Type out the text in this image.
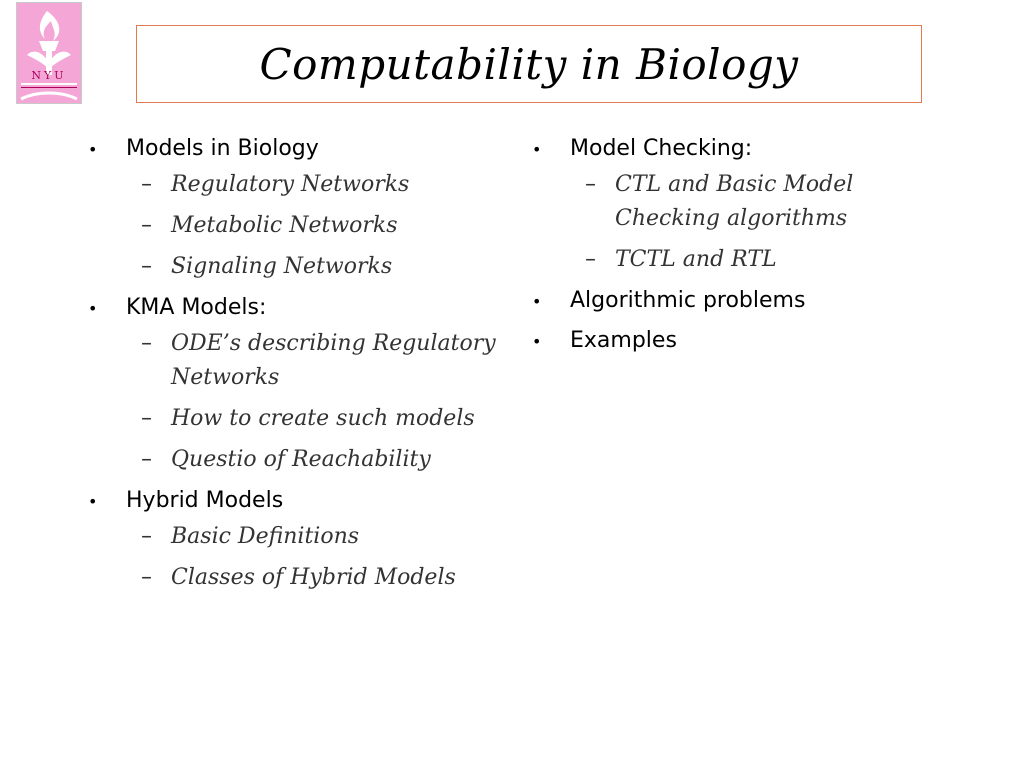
NYU	Computability in Biology
• Models in Biology
– Regulatory Networks
– Metabolic Networks
– Signaling Networks
• KMA Models:
– ODE’s describing Regulatory Networks
– How to create such models
– Questio of Reachability
• Hybrid Models
– Basic Definitions
– Classes of Hybrid Models
• Model Checking:
– CTL and Basic Model Checking algorithms
– TCTL and RTL
• Algorithmic problems
• Examples
